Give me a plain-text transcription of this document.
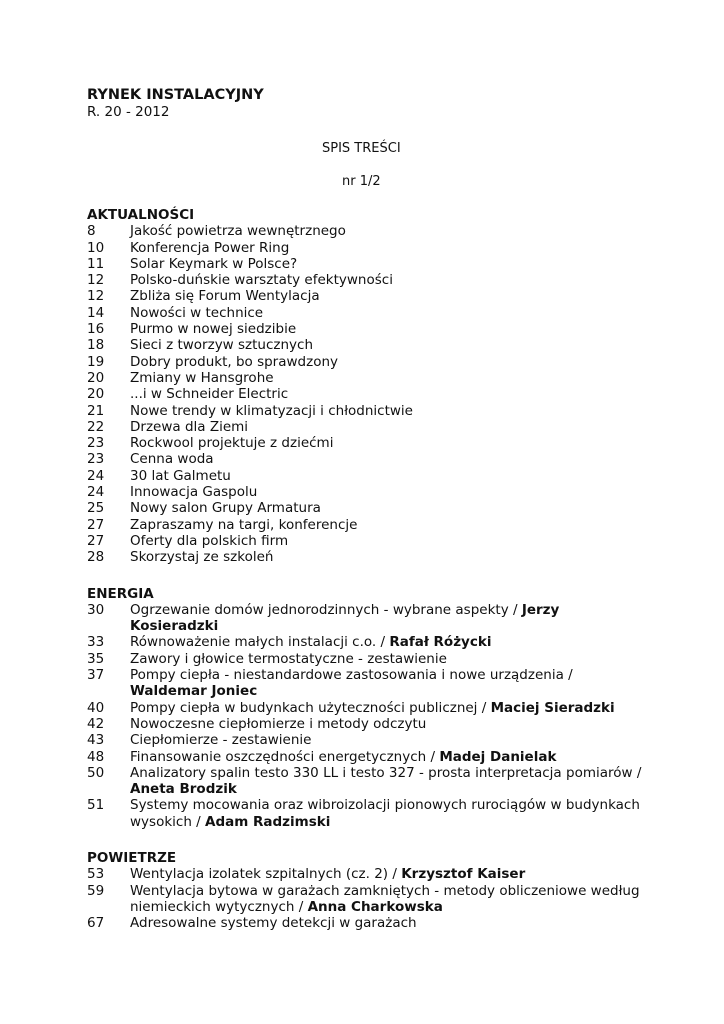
RYNEK INSTALACYJNY

R. 20 - 2012

SPIS TREŚCI

nr 1/2

AKTUALNOŚCI

8	Jakość powietrza wewnętrznego
10	Konferencja Power Ring
11	Solar Keymark w Polsce?
12	Polsko-duńskie warsztaty efektywności
12	Zbliża się Forum Wentylacja
14	Nowości w technice
16	Purmo w nowej siedzibie
18	Sieci z tworzyw sztucznych
19	Dobry produkt, bo sprawdzony
20	Zmiany w Hansgrohe
20	...i w Schneider Electric
21	Nowe trendy w klimatyzacji i chłodnictwie
22	Drzewa dla Ziemi
23	Rockwool projektuje z dziećmi
23	Cenna woda
24	30 lat Galmetu
24	Innowacja Gaspolu
25	Nowy salon Grupy Armatura
27	Zapraszamy na targi, konferencje
27	Oferty dla polskich firm
28	Skorzystaj ze szkoleń

ENERGIA

30	Ogrzewanie domów jednorodzinnych - wybrane aspekty / Jerzy Kosieradzki
33	Równoważenie małych instalacji c.o. / Rafał Różycki
35	Zawory i głowice termostatyczne - zestawienie
37	Pompy ciepła - niestandardowe zastosowania i nowe urządzenia / Waldemar Joniec
40	Pompy ciepła w budynkach użyteczności publicznej / Maciej Sieradzki
42	Nowoczesne ciepłomierze i metody odczytu
43	Ciepłomierze - zestawienie
48	Finansowanie oszczędności energetycznych / Madej Danielak
50	Analizatory spalin testo 330 LL i testo 327 - prosta interpretacja pomiarów / Aneta Brodzik
51	Systemy mocowania oraz wibroizolacji pionowych rurociągów w budynkach wysokich / Adam Radzimski

POWIETRZE

53	Wentylacja izolatek szpitalnych (cz. 2) / Krzysztof Kaiser
59	Wentylacja bytowa w garażach zamkniętych - metody obliczeniowe według niemieckich wytycznych / Anna Charkowska
67	Adresowalne systemy detekcji w garażach
